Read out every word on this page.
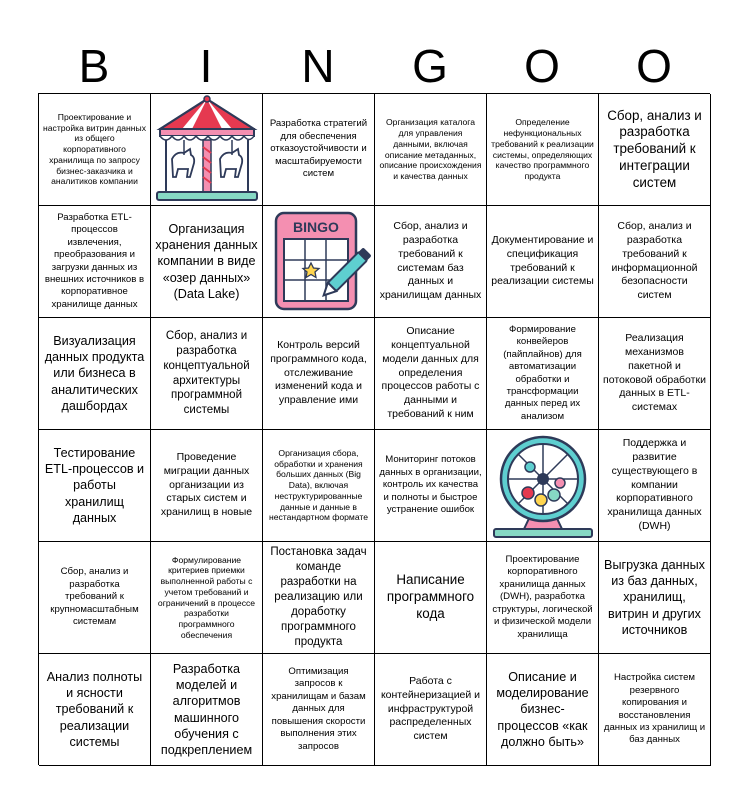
B	I	N	G	O	O
Проектирование и настройка витрин данных из общего корпоративного хранилища по запросу бизнес-заказчика и аналитиков компании
Разработка стратегий для обеспечения отказоустойчивости и масштабируемости систем
Организация каталога для управления данными, включая описание метаданных, описание происхождения и качества данных
Определение нефункциональных требований к реализации системы, определяющих качество программного продукта
Сбор, анализ и разработка требований к интеграции систем
Разработка ETL-процессов извлечения, преобразования и загрузки данных из внешних источников в корпоративное хранилище данных
Организация хранения данных компании в виде «озер данных» (Data Lake)
BINGO	Сбор, анализ и разработка требований к системам баз данных и хранилищам данных
Документирование и спецификация требований к реализации системы
Сбор, анализ и разработка требований к информационной безопасности систем
Визуализация данных продукта или бизнеса в аналитических дашбордах
Сбор, анализ и разработка концептуальной архитектуры программной системы
Контроль версий программного кода, отслеживание изменений кода и управление ими
Описание концептуальной модели данных для определения процессов работы с данными и требований к ним
Формирование конвейеров (пайплайнов) для автоматизации обработки и трансформации данных перед их анализом
Реализация механизмов пакетной и потоковой обработки данных в ETL-системах
Тестирование ETL-процессов и работы хранилищ данных
Проведение миграции данных организации из старых систем и хранилищ в новые
Организация сбора, обработки и хранения больших данных (Big Data), включая неструктурированные данные и данные в нестандартном формате
Мониторинг потоков данных в организации, контроль их качества и полноты и быстрое устранение ошибок
Поддержка и развитие существующего в компании корпоративного хранилища данных (DWH)
Сбор, анализ и разработка требований к крупномасштабным системам
Формулирование критериев приемки выполненной работы с учетом требований и ограничений в процессе разработки программного обеспечения
Постановка задач команде разработки на реализацию или доработку программного продукта
Написание программного кода
Проектирование корпоративного хранилища данных (DWH), разработка структуры, логической и физической модели хранилища
Выгрузка данных из баз данных, хранилищ, витрин и других источников
Анализ полноты и ясности требований к реализации системы
Разработка моделей и алгоритмов машинного обучения с подкреплением
Оптимизация запросов к хранилищам и базам данных для повышения скорости выполнения этих запросов
Работа с контейнеризацией и инфраструктурой распределенных систем
Описание и моделирование бизнес-процессов «как должно быть»
Настройка систем резервного копирования и восстановления данных из хранилищ и баз данных
